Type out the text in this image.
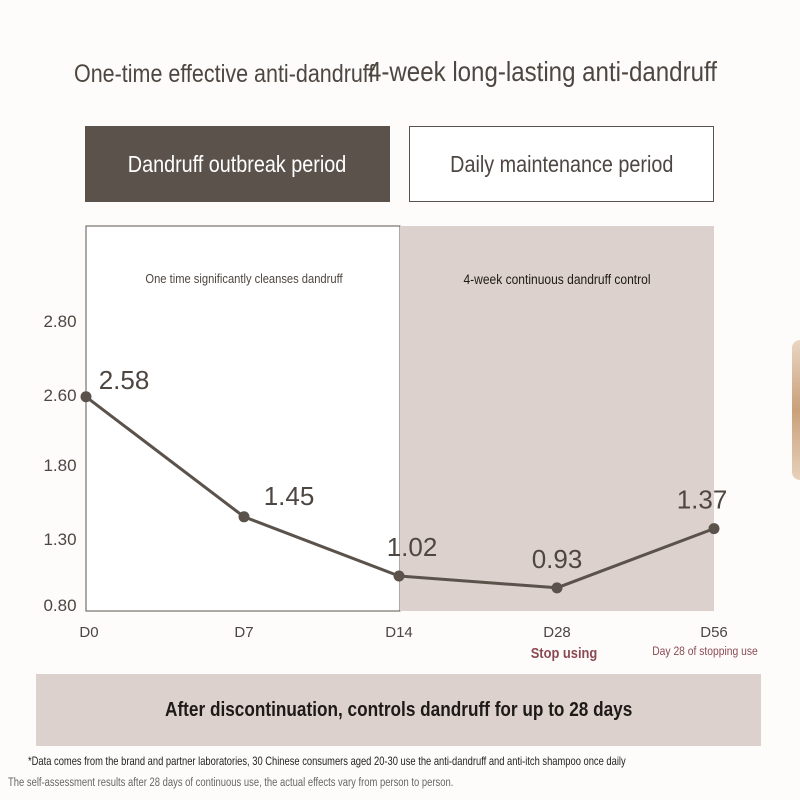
One-time effective anti-dandruff
4-week long-lasting anti-dandruff
Dandruff outbreak period	Daily maintenance period
One time significantly cleanses dandruff	4-week continuous dandruff control
2.80
2.60
1.80
1.30
0.80
D0	D7	D14	D28	D56
2.58
1.45
1.02	0.93
1.37
Stop using	Day 28 of stopping use
After discontinuation, controls dandruff for up to 28 days
*Data comes from the brand and partner laboratories, 30 Chinese consumers aged 20-30 use the anti-dandruff and anti-itch shampoo once daily
The self-assessment results after 28 days of continuous use, the actual effects vary from person to person.
